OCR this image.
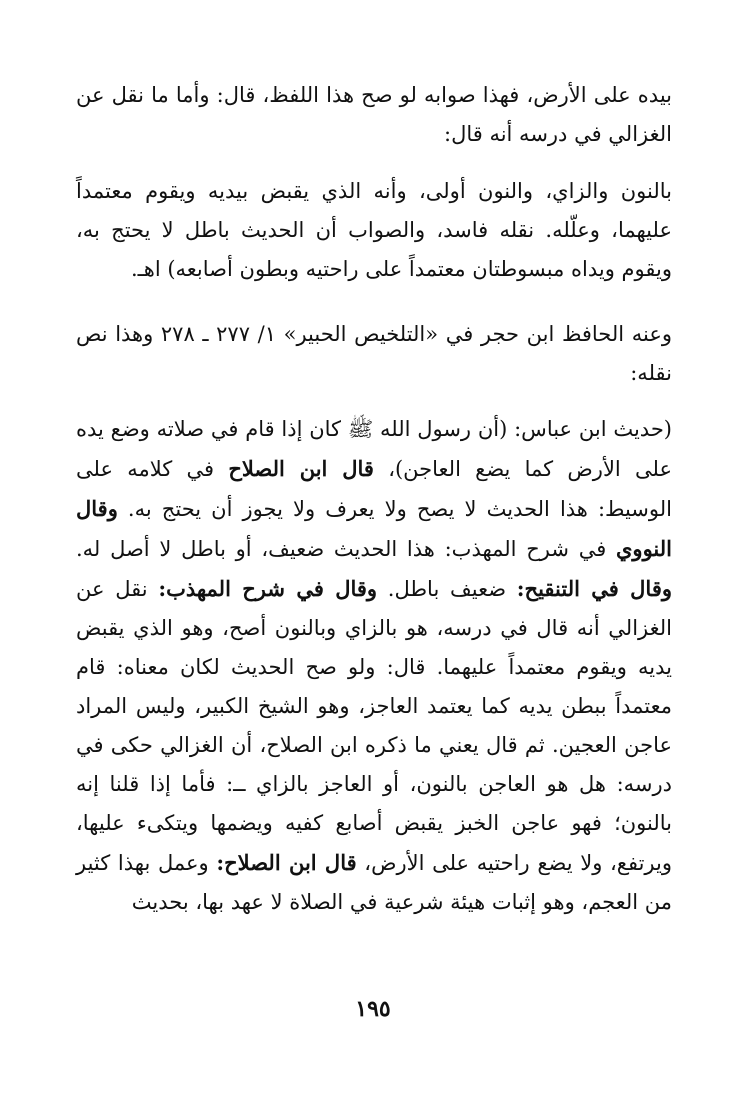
بيده على الأرض، فهذا صوابه لو صح هذا اللفظ، قال: وأما ما نقل عن الغزالي في درسه أنه قال:

بالنون والزاي، والنون أولى، وأنه الذي يقبض بيديه ويقوم معتمداً عليهما، وعلّله. نقله فاسد، والصواب أن الحديث باطل لا يحتج به، ويقوم ويداه مبسوطتان معتمداً على راحتيه وبطون أصابعه) اهـ.

وعنه الحافظ ابن حجر في «التلخيص الحبير» ١/ ٢٧٧ ـ ٢٧٨ وهذا نص نقله:

(حديث ابن عباس: (أن رسول الله ﷺ كان إذا قام في صلاته وضع يده على الأرض كما يضع العاجن)، قال ابن الصلاح في كلامه على الوسيط: هذا الحديث لا يصح ولا يعرف ولا يجوز أن يحتج به. وقال النووي في شرح المهذب: هذا الحديث ضعيف، أو باطل لا أصل له. وقال في التنقيح: ضعيف باطل. وقال في شرح المهذب: نقل عن الغزالي أنه قال في درسه، هو بالزاي وبالنون أصح، وهو الذي يقبض يديه ويقوم معتمداً عليهما. قال: ولو صح الحديث لكان معناه: قام معتمداً ببطن يديه كما يعتمد العاجز، وهو الشيخ الكبير، وليس المراد عاجن العجين. ثم قال يعني ما ذكره ابن الصلاح، أن الغزالي حكى في درسه: هل هو العاجن بالنون، أو العاجز بالزاي ــ: فأما إذا قلنا إنه بالنون؛ فهو عاجن الخبز يقبض أصابع كفيه ويضمها ويتكىء عليها، ويرتفع، ولا يضع راحتيه على الأرض، قال ابن الصلاح: وعمل بهذا كثير من العجم، وهو إثبات هيئة شرعية في الصلاة لا عهد بها، بحديث

١٩٥
